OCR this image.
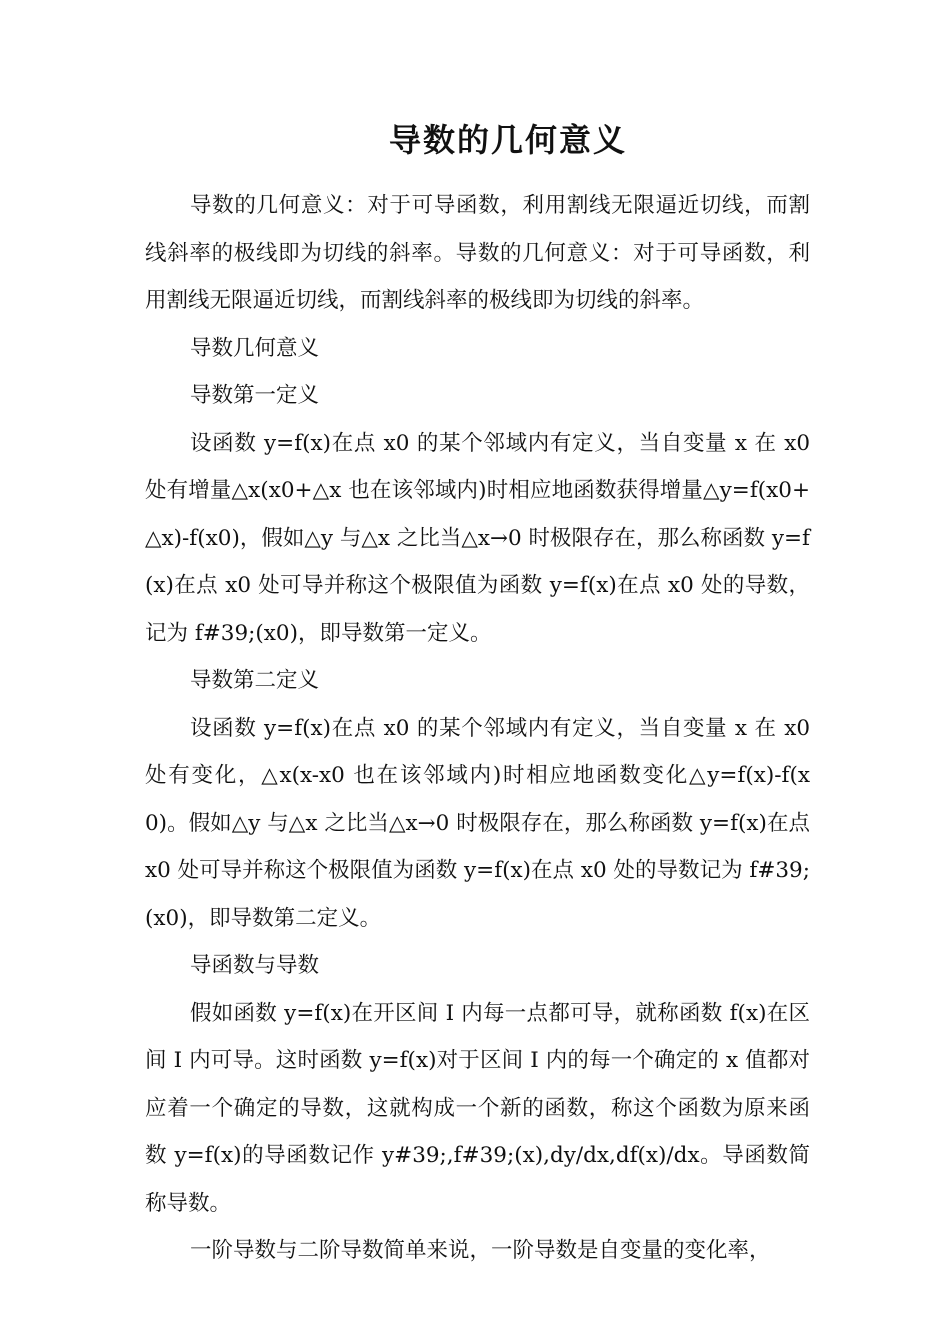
导数的几何意义

导数的几何意义：对于可导函数，利用割线无限逼近切线，而割线斜率的极线即为切线的斜率。导数的几何意义：对于可导函数，利用割线无限逼近切线，而割线斜率的极线即为切线的斜率。

导数几何意义

导数第一定义

设函数 y=f(x)在点 x0 的某个邻域内有定义，当自变量 x 在 x0 处有增量△x(x0+△x 也在该邻域内)时相应地函数获得增量△y=f(x0+△x)-f(x0)，假如△y 与△x 之比当△x→0 时极限存在，那么称函数 y=f(x)在点 x0 处可导并称这个极限值为函数 y=f(x)在点 x0 处的导数，记为 f#39;(x0)，即导数第一定义。

导数第二定义

设函数 y=f(x)在点 x0 的某个邻域内有定义，当自变量 x 在 x0 处有变化，△x(x-x0 也在该邻域内)时相应地函数变化△y=f(x)-f(x0)。假如△y 与△x 之比当△x→0 时极限存在，那么称函数 y=f(x)在点 x0 处可导并称这个极限值为函数 y=f(x)在点 x0 处的导数记为 f#39;(x0)，即导数第二定义。

导函数与导数

假如函数 y=f(x)在开区间 I 内每一点都可导，就称函数 f(x)在区间 I 内可导。这时函数 y=f(x)对于区间 I 内的每一个确定的 x 值都对应着一个确定的导数，这就构成一个新的函数，称这个函数为原来函数 y=f(x)的导函数记作 y#39;,f#39;(x),dy/dx,df(x)/dx。导函数简称导数。

一阶导数与二阶导数简单来说，一阶导数是自变量的变化率，
